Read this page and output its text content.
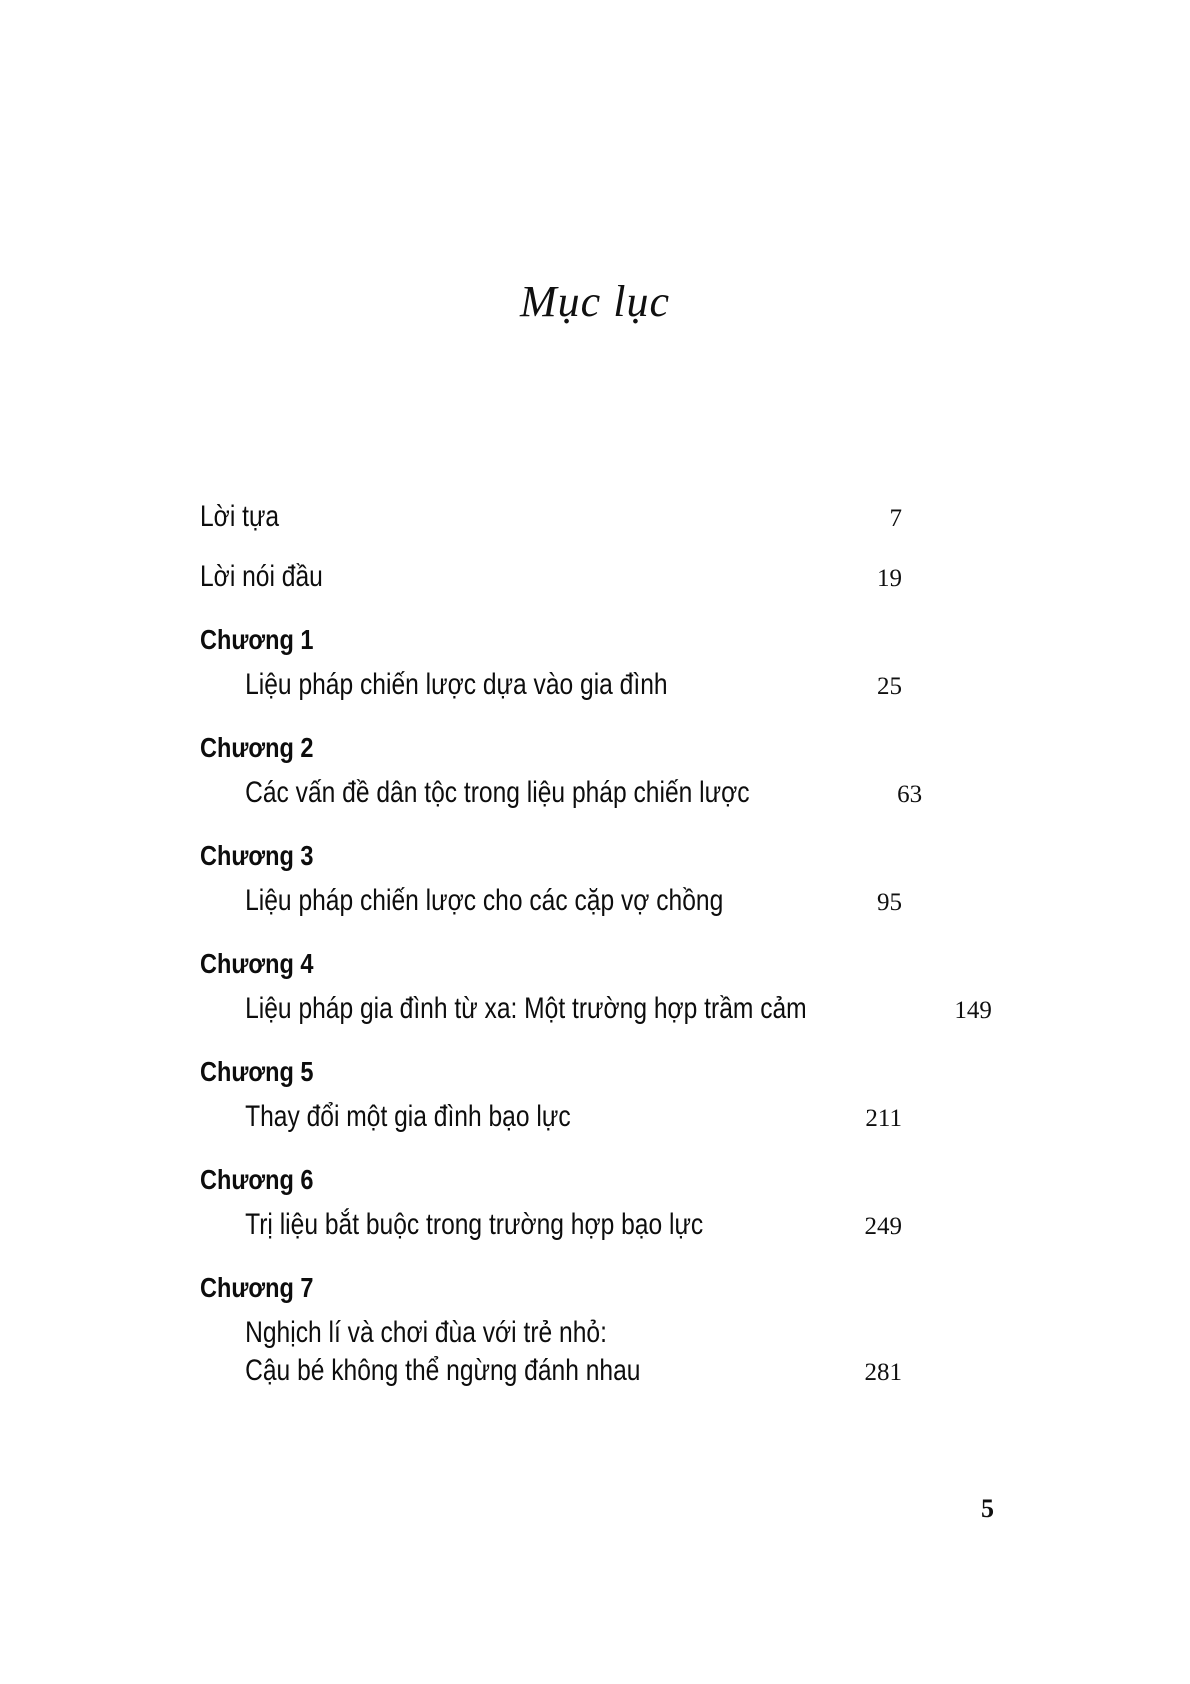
Mục lục
Lời tựa	7
Lời nói đầu	19
Chương 1
Liệu pháp chiến lược dựa vào gia đình	25
Chương 2
Các vấn đề dân tộc trong liệu pháp chiến lược	63
Chương 3
Liệu pháp chiến lược cho các cặp vợ chồng	95
Chương 4
Liệu pháp gia đình từ xa: Một trường hợp trầm cảm	149
Chương 5
Thay đổi một gia đình bạo lực	211
Chương 6
Trị liệu bắt buộc trong trường hợp bạo lực	249
Chương 7
Nghịch lí và chơi đùa với trẻ nhỏ:
Cậu bé không thể ngừng đánh nhau	281
5
